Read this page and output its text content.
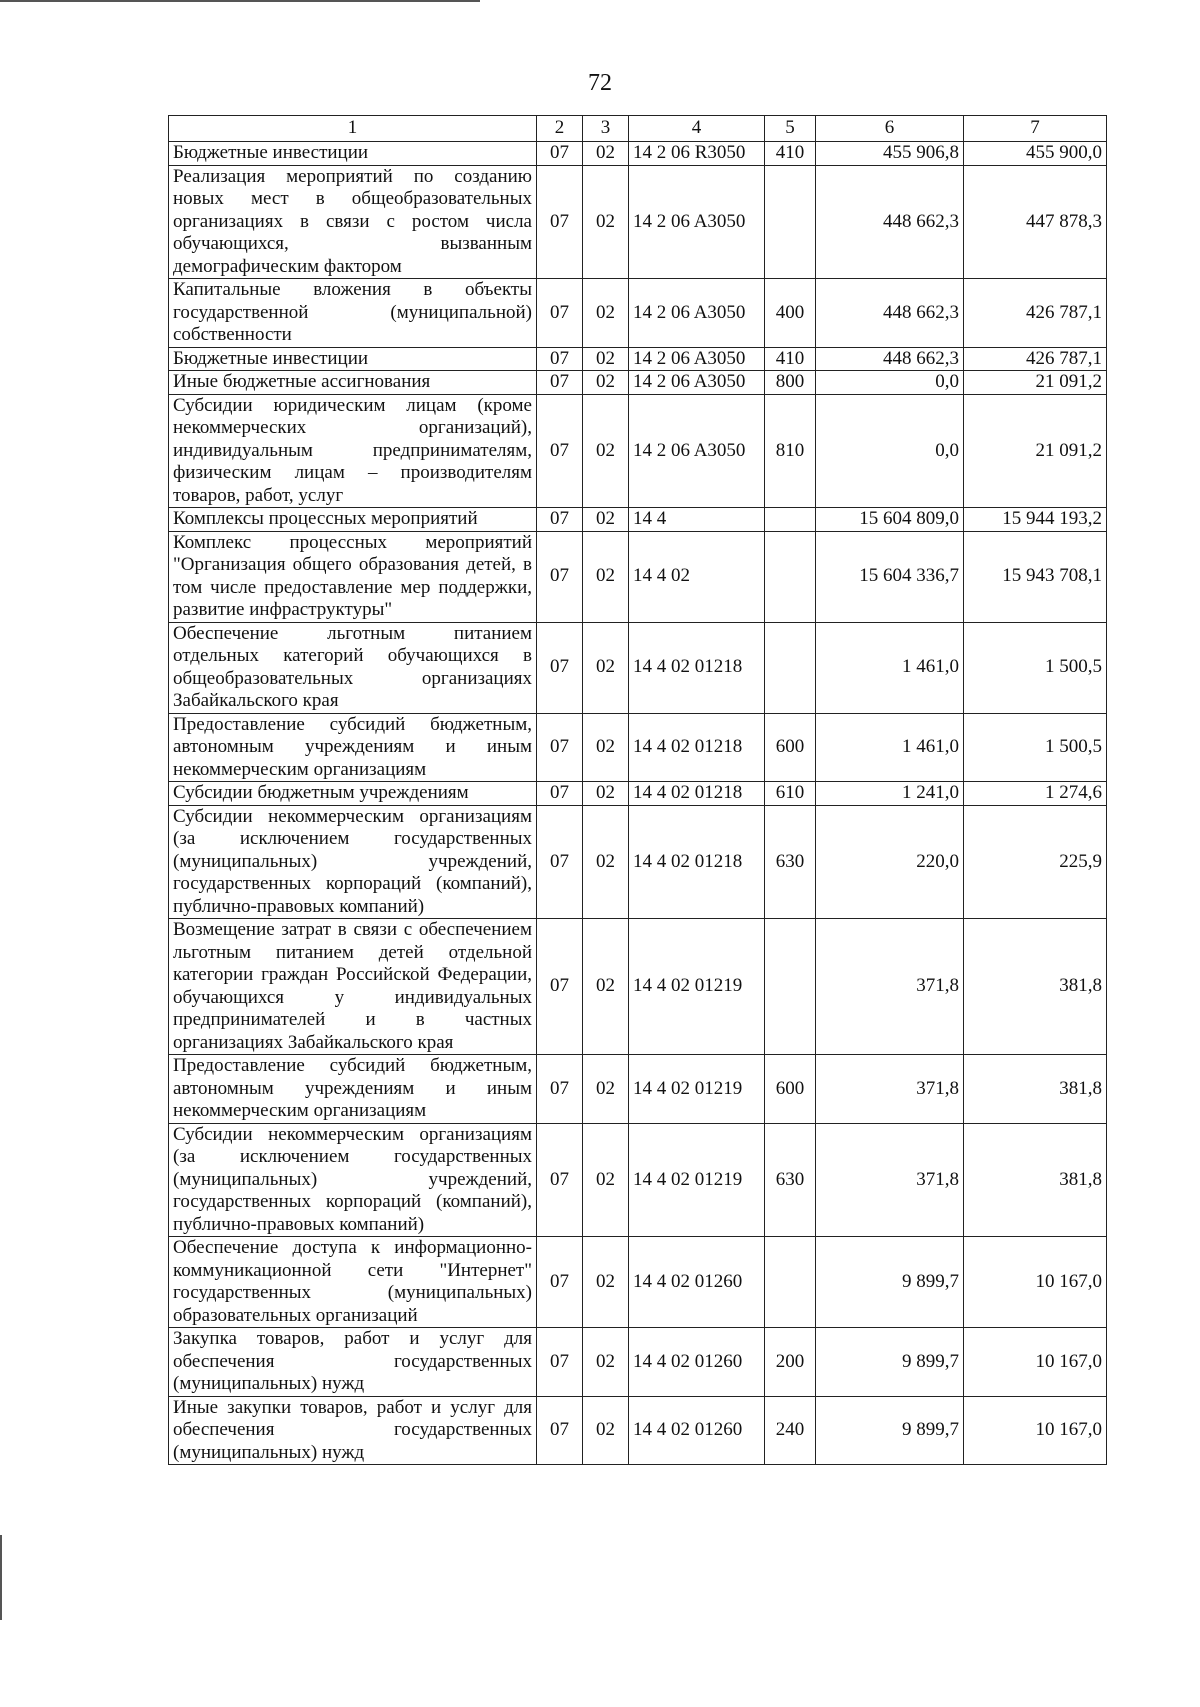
72
1	2	3	4	5	6	7
Бюджетные инвестиции	07	02	14 2 06 R3050	410	455 906,8	455 900,0
Реализация мероприятий по созданию новых мест в общеобразовательных организациях в связи с ростом числа обучающихся, вызванным демографическим фактором	07	02	14 2 06 A3050		448 662,3	447 878,3
Капитальные вложения в объекты государственной (муниципальной) собственности	07	02	14 2 06 A3050	400	448 662,3	426 787,1
Бюджетные инвестиции	07	02	14 2 06 A3050	410	448 662,3	426 787,1
Иные бюджетные ассигнования	07	02	14 2 06 A3050	800	0,0	21 091,2
Субсидии юридическим лицам (кроме некоммерческих организаций), индивидуальным предпринимателям, физическим лицам – производителям товаров, работ, услуг	07	02	14 2 06 A3050	810	0,0	21 091,2
Комплексы процессных мероприятий	07	02	14 4		15 604 809,0	15 944 193,2
Комплекс процессных мероприятий "Организация общего образования детей, в том числе предоставление мер поддержки, развитие инфраструктуры"	07	02	14 4 02		15 604 336,7	15 943 708,1
Обеспечение льготным питанием отдельных категорий обучающихся в общеобразовательных организациях Забайкальского края	07	02	14 4 02 01218		1 461,0	1 500,5
Предоставление субсидий бюджетным, автономным учреждениям и иным некоммерческим организациям	07	02	14 4 02 01218	600	1 461,0	1 500,5
Субсидии бюджетным учреждениям	07	02	14 4 02 01218	610	1 241,0	1 274,6
Субсидии некоммерческим организациям (за исключением государственных (муниципальных) учреждений, государственных корпораций (компаний), публично-правовых компаний)	07	02	14 4 02 01218	630	220,0	225,9
Возмещение затрат в связи с обеспечением льготным питанием детей отдельной категории граждан Российской Федерации, обучающихся у индивидуальных предпринимателей и в частных организациях Забайкальского края	07	02	14 4 02 01219		371,8	381,8
Предоставление субсидий бюджетным, автономным учреждениям и иным некоммерческим организациям	07	02	14 4 02 01219	600	371,8	381,8
Субсидии некоммерческим организациям (за исключением государственных (муниципальных) учреждений, государственных корпораций (компаний), публично-правовых компаний)	07	02	14 4 02 01219	630	371,8	381,8
Обеспечение доступа к информационно-коммуникационной сети "Интернет" государственных (муниципальных) образовательных организаций	07	02	14 4 02 01260		9 899,7	10 167,0
Закупка товаров, работ и услуг для обеспечения государственных (муниципальных) нужд	07	02	14 4 02 01260	200	9 899,7	10 167,0
Иные закупки товаров, работ и услуг для обеспечения государственных (муниципальных) нужд	07	02	14 4 02 01260	240	9 899,7	10 167,0
